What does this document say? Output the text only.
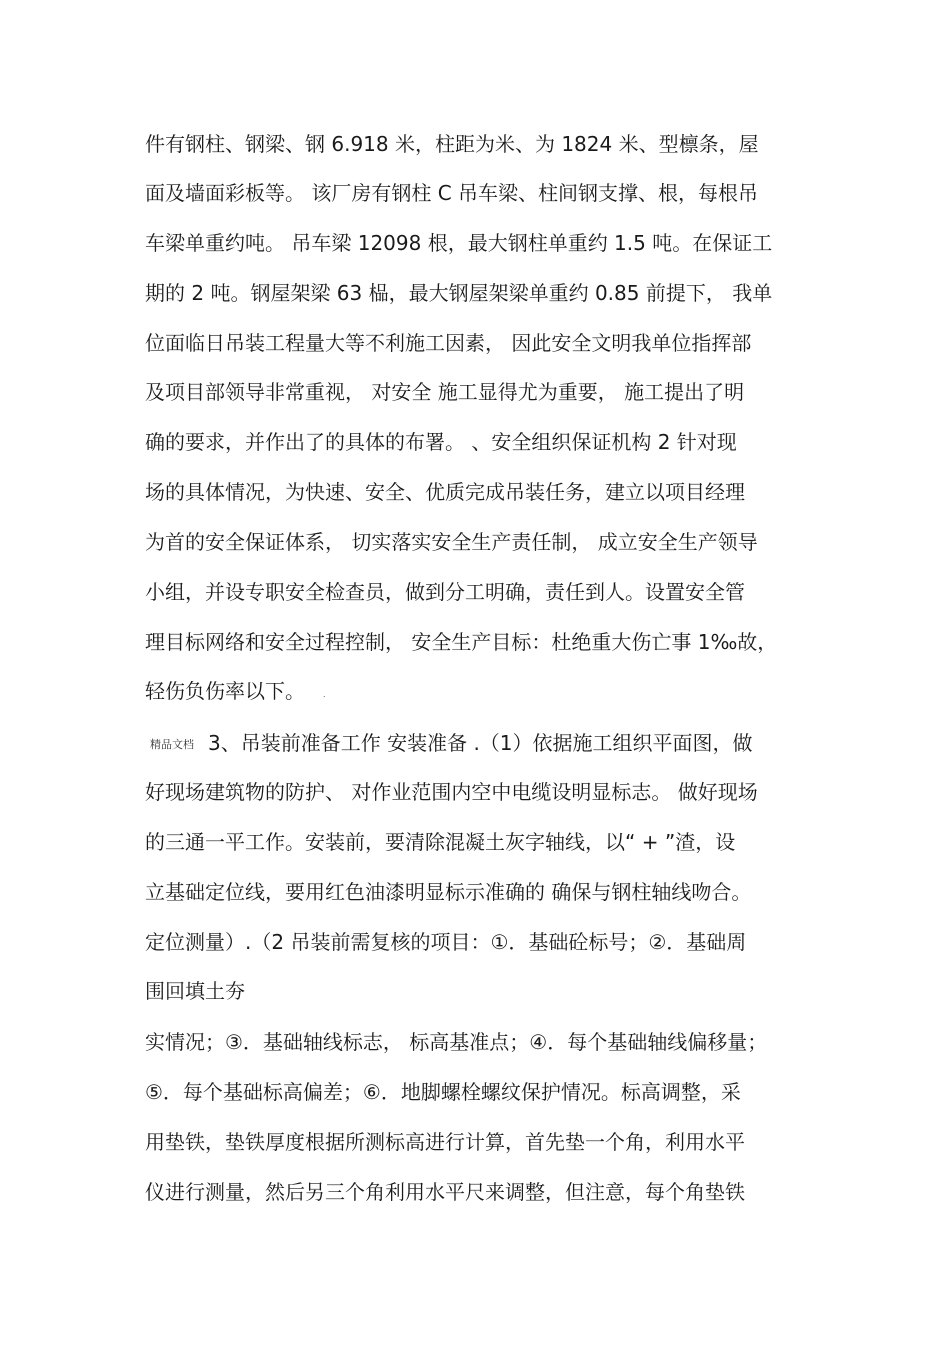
件有钢柱、钢梁、钢 6.918 米，柱距为米、为 1824 米、型檩条，屋
面及墙面彩板等。 该厂房有钢柱 C 吊车梁、柱间钢支撑、根，每根吊
车梁单重约吨。 吊车梁 12098 根，最大钢柱单重约 1.5 吨。在保证工
期的 2 吨。钢屋架梁 63 榀，最大钢屋架梁单重约 0.85 前提下， 我单
位面临日吊装工程量大等不利施工因素， 因此安全文明我单位指挥部
及项目部领导非常重视， 对安全 施工显得尤为重要， 施工提出了明
确的要求，并作出了的具体的布署。 、安全组织保证机构 2 针对现
场的具体情况，为快速、安全、优质完成吊装任务，建立以项目经理
为首的安全保证体系， 切实落实安全生产责任制， 成立安全生产领导
小组，并设专职安全检查员，做到分工明确，责任到人。设置安全管
理目标网络和安全过程控制， 安全生产目标：杜绝重大伤亡事 1‰故，
轻伤负伤率以下。 .
精品文档 3、吊装前准备工作 安装准备 .（1）依据施工组织平面图，做
好现场建筑物的防护、 对作业范围内空中电缆设明显标志。 做好现场
的三通一平工作。安装前，要清除混凝土灰字轴线，以“ + ”渣，设
立基础定位线，要用红色油漆明显标示准确的 确保与钢柱轴线吻合。
定位测量）.（2 吊装前需复核的项目：①．基础砼标号；②．基础周
围回填土夯
实情况；③．基础轴线标志， 标高基准点；④．每个基础轴线偏移量；
⑤．每个基础标高偏差；⑥．地脚螺栓螺纹保护情况。标高调整，采
用垫铁，垫铁厚度根据所测标高进行计算，首先垫一个角，利用水平
仪进行测量，然后另三个角利用水平尺来调整，但注意，每个角垫铁
